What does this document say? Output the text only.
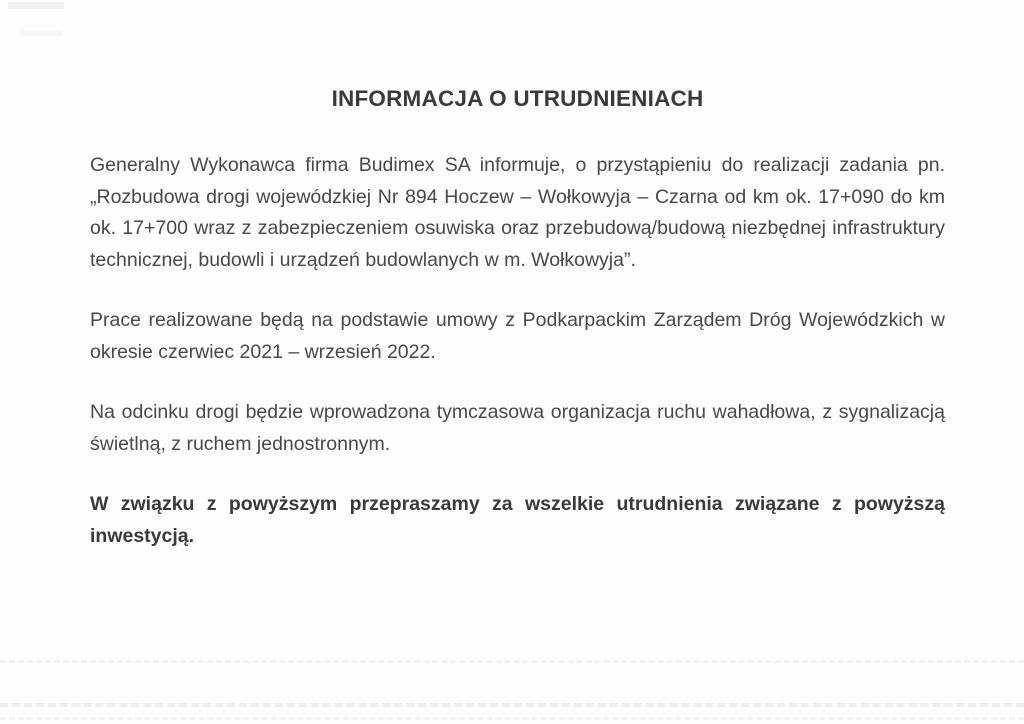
INFORMACJA O UTRUDNIENIACH

Generalny Wykonawca firma Budimex SA informuje, o przystąpieniu do realizacji zadania pn. „Rozbudowa drogi wojewódzkiej Nr 894 Hoczew – Wołkowyja – Czarna od km ok. 17+090 do km ok. 17+700 wraz z zabezpieczeniem osuwiska oraz przebudową/budową niezbędnej infrastruktury technicznej, budowli i urządzeń budowlanych w m. Wołkowyja”.

Prace realizowane będą na podstawie umowy z Podkarpackim Zarządem Dróg Wojewódzkich w okresie czerwiec 2021 – wrzesień 2022.

Na odcinku drogi będzie wprowadzona tymczasowa organizacja ruchu wahadłowa, z sygnalizacją świetlną, z ruchem jednostronnym.

W związku z powyższym przepraszamy za wszelkie utrudnienia związane z powyższą inwestycją.
